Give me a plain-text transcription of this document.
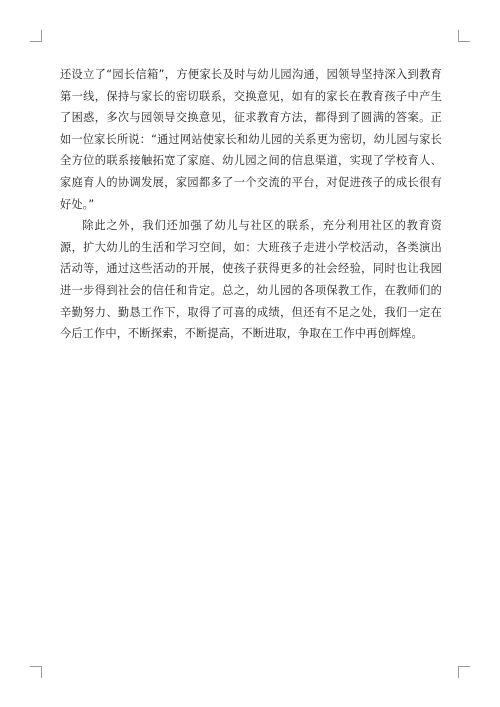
还设立了“园长信箱”，方便家长及时与幼儿园沟通，园领导坚持深入到教育第一线，保持与家长的密切联系，交换意见，如有的家长在教育孩子中产生了困惑，多次与园领导交换意见，征求教育方法，都得到了圆满的答案。正如一位家长所说：“通过网站使家长和幼儿园的关系更为密切，幼儿园与家长全方位的联系接触拓宽了家庭、幼儿园之间的信息渠道，实现了学校育人、家庭育人的协调发展，家园都多了一个交流的平台，对促进孩子的成长很有好处。”

除此之外，我们还加强了幼儿与社区的联系，充分利用社区的教育资源，扩大幼儿的生活和学习空间，如：大班孩子走进小学校活动，各类演出活动等，通过这些活动的开展，使孩子获得更多的社会经验，同时也让我园进一步得到社会的信任和肯定。总之，幼儿园的各项保教工作，在教师们的辛勤努力、勤恳工作下，取得了可喜的成绩，但还有不足之处，我们一定在今后工作中，不断探索，不断提高，不断进取，争取在工作中再创辉煌。
